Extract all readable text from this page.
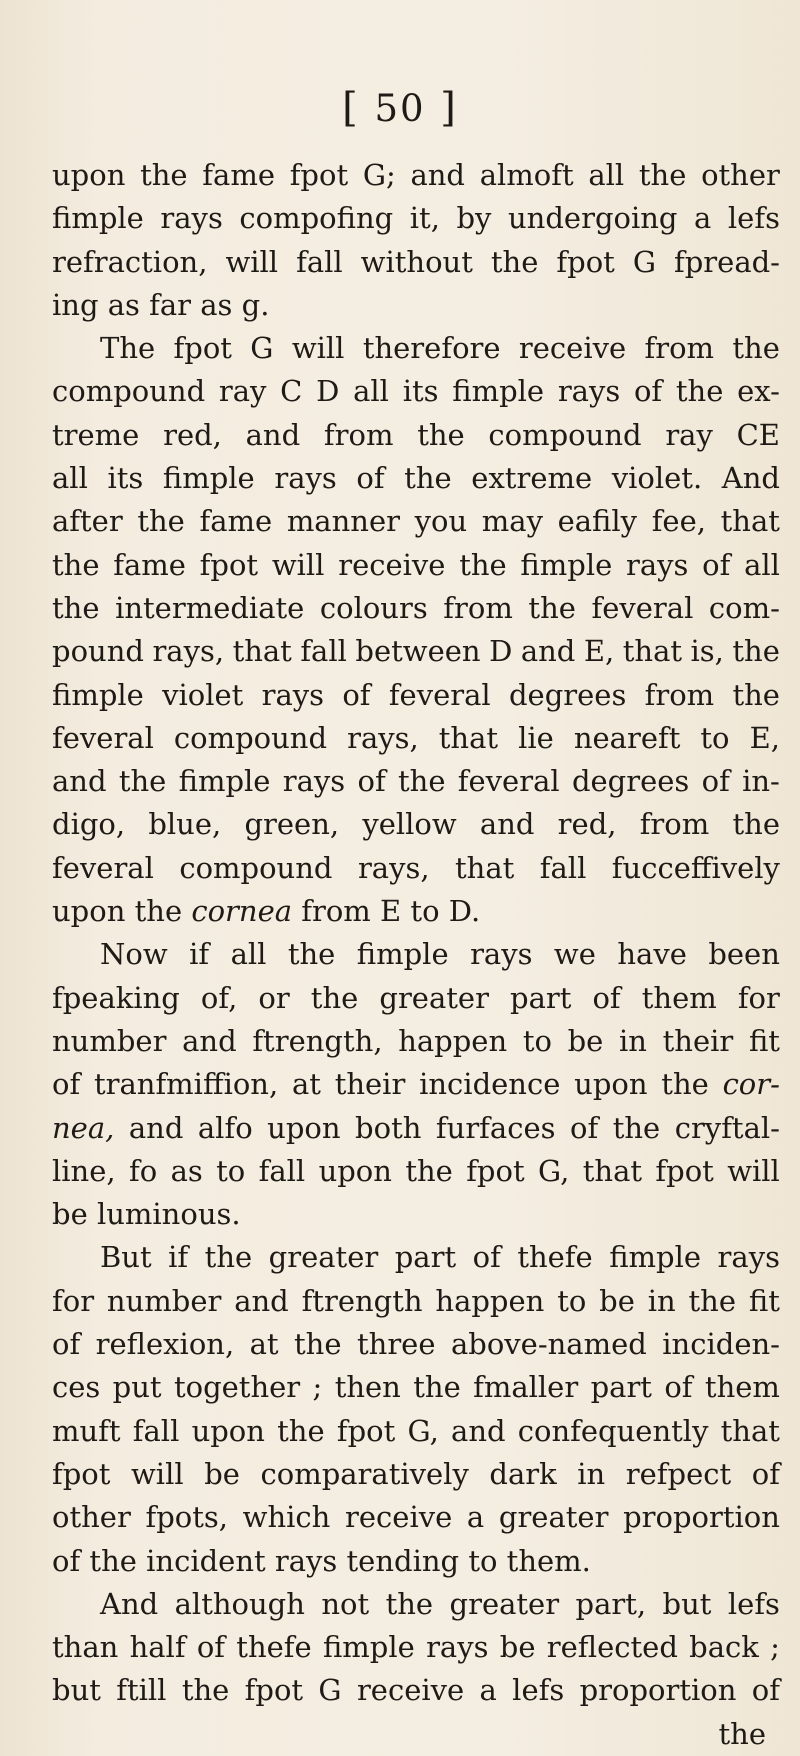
[ 50 ]
upon the fame fpot G; and almoft all the other
fimple rays compofing it, by undergoing a lefs
refraction, will fall without the fpot G fpread-
ing as far as g.
The fpot G will therefore receive from the
compound ray C D all its fimple rays of the ex-
treme red, and from the compound ray CE
all its fimple rays of the extreme violet. And
after the fame manner you may eafily fee, that
the fame fpot will receive the fimple rays of all
the intermediate colours from the feveral com-
pound rays, that fall between D and E, that is, the
fimple violet rays of feveral degrees from the
feveral compound rays, that lie neareft to E,
and the fimple rays of the feveral degrees of in-
digo, blue, green, yellow and red, from the
feveral compound rays, that fall fucceffively
upon the cornea from E to D.
Now if all the fimple rays we have been
fpeaking of, or the greater part of them for
number and ftrength, happen to be in their fit
of tranfmiffion, at their incidence upon the cor-
nea, and alfo upon both furfaces of the cryftal-
line, fo as to fall upon the fpot G, that fpot will
be luminous.
But if the greater part of thefe fimple rays
for number and ftrength happen to be in the fit
of reflexion, at the three above-named inciden-
ces put together ; then the fmaller part of them
muft fall upon the fpot G, and confequently that
fpot will be comparatively dark in refpect of
other fpots, which receive a greater proportion
of the incident rays tending to them.
And although not the greater part, but lefs
than half of thefe fimple rays be reflected back ;
but ftill the fpot G receive a lefs proportion of
the
